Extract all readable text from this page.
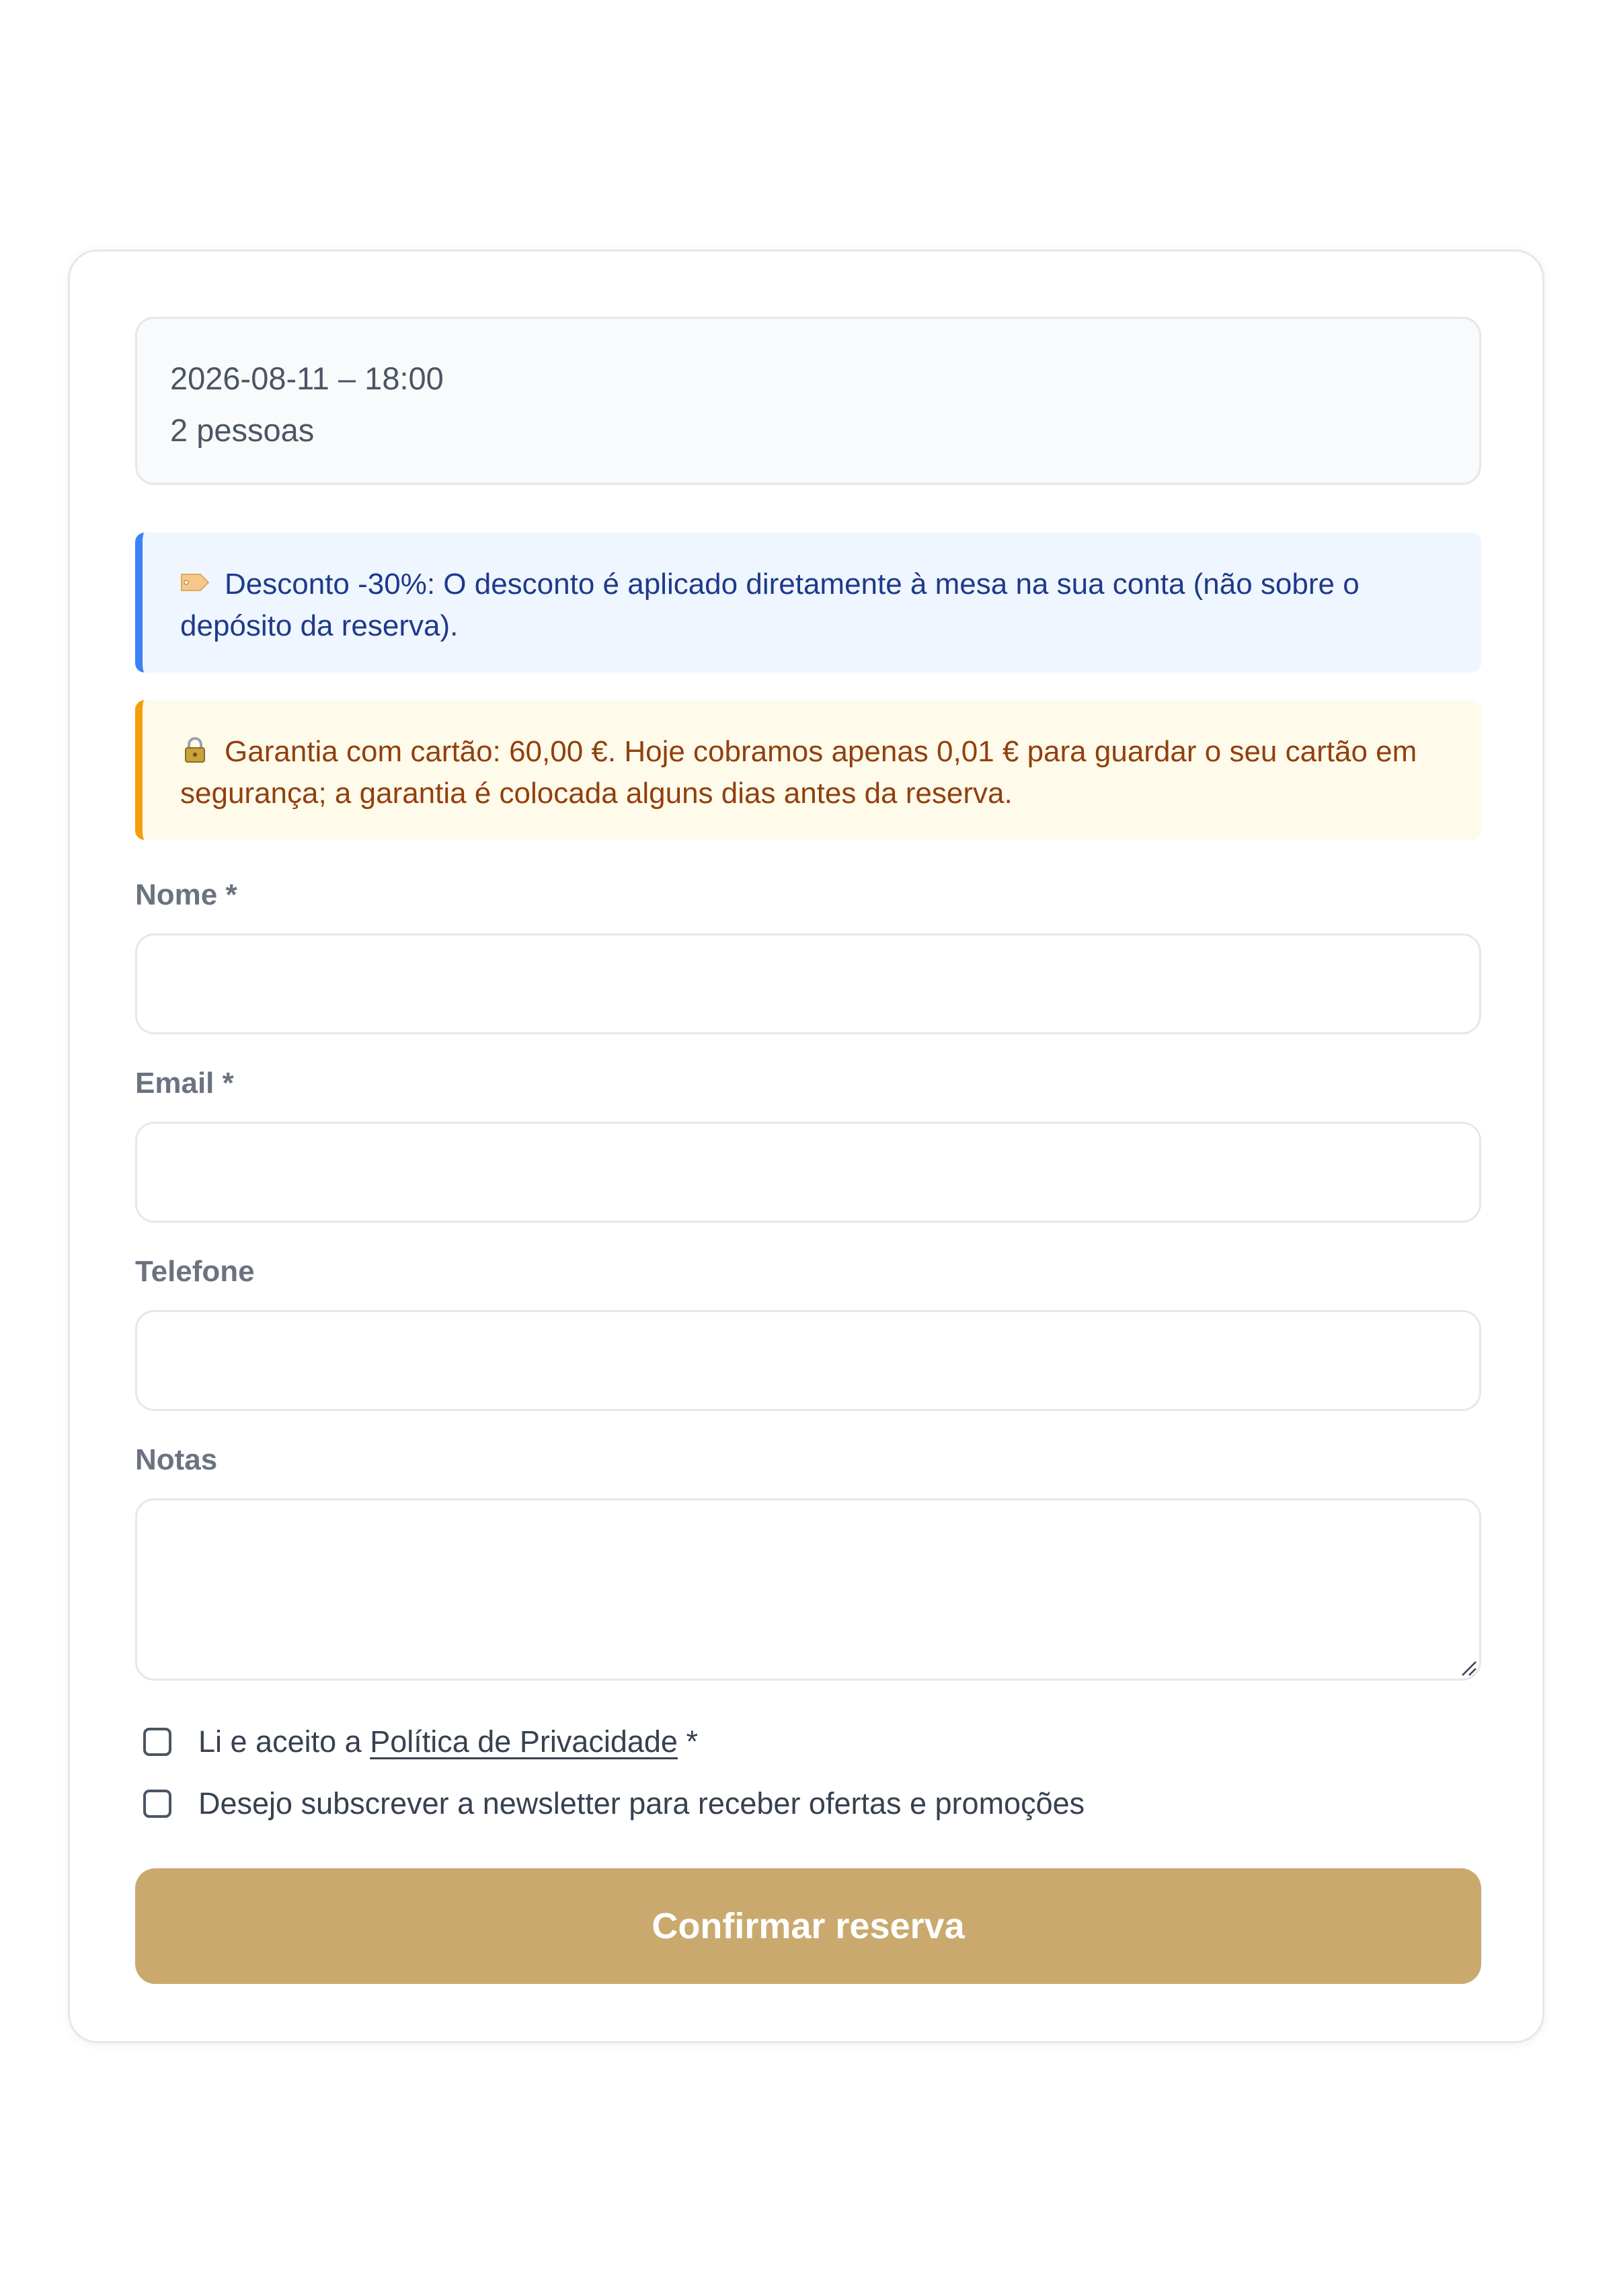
2026-08-11 – 18:00
2 pessoas
Desconto -30%: O desconto é aplicado diretamente à mesa na sua conta (não sobre o depósito da reserva).
Garantia com cartão: 60,00 €. Hoje cobramos apenas 0,01 € para guardar o seu cartão em segurança; a garantia é colocada alguns dias antes da reserva.
Nome *
Email *
Telefone
Notas
Li e aceito a Política de Privacidade *
Desejo subscrever a newsletter para receber ofertas e promoções
Confirmar reserva
